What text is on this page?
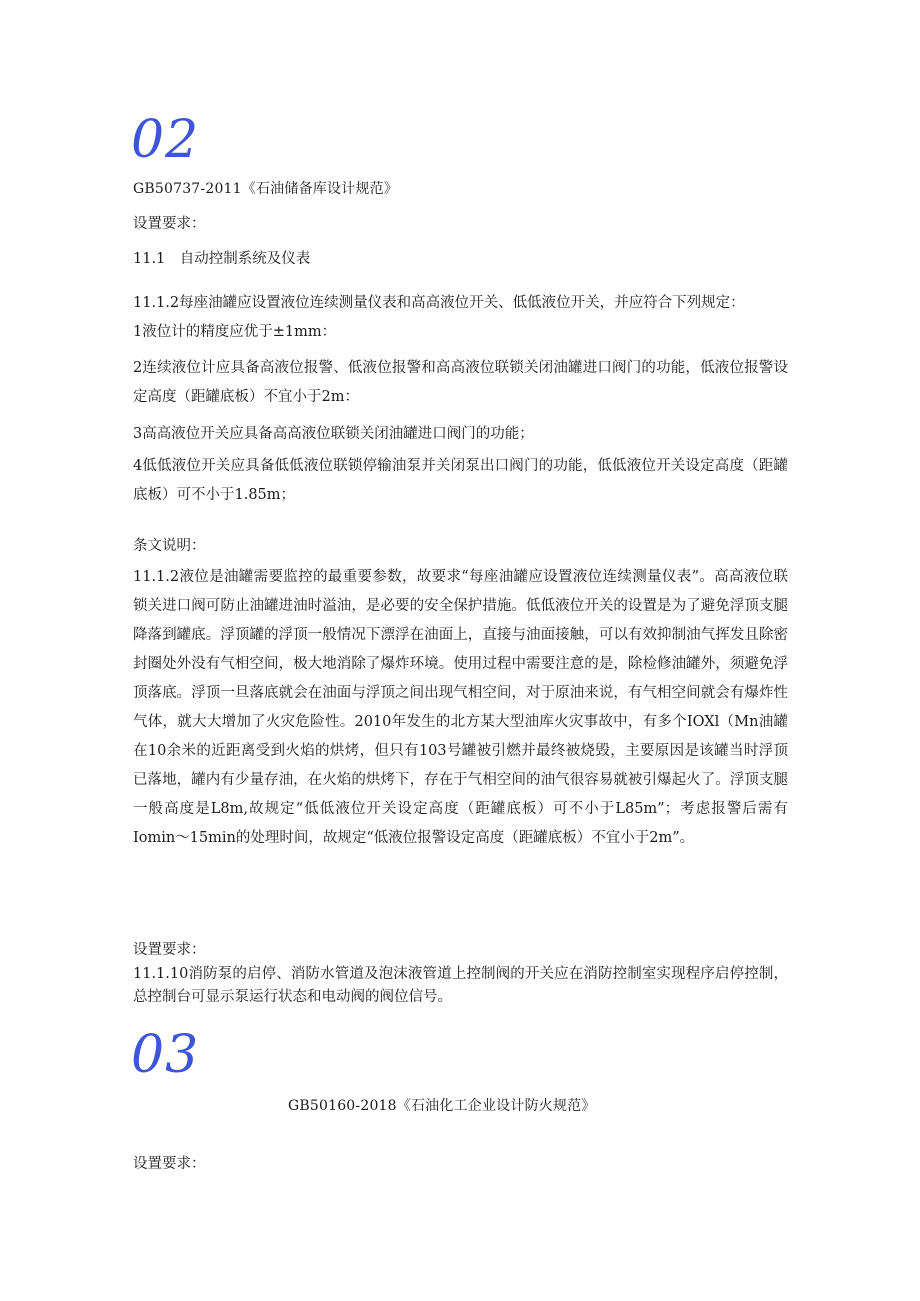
02
GB50737-2011《石油储备库设计规范》
设置要求：
11.1　自动控制系统及仪表
11.1.2每座油罐应设置液位连续测量仪表和高高液位开关、低低液位开关，并应符合下列规定：
1液位计的精度应优于±1mm：
2连续液位计应具备高液位报警、低液位报警和高高液位联锁关闭油罐进口阀门的功能，低液位报警设定高度（距罐底板）不宜小于2m：
3高高液位开关应具备高高液位联锁关闭油罐进口阀门的功能；
4低低液位开关应具备低低液位联锁停输油泵并关闭泵出口阀门的功能，低低液位开关设定高度（距罐底板）可不小于1.85m；
条文说明：
11.1.2液位是油罐需要监控的最重要参数，故要求“每座油罐应设置液位连续测量仪表”。高高液位联锁关进口阀可防止油罐进油时溢油，是必要的安全保护措施。低低液位开关的设置是为了避免浮顶支腿降落到罐底。浮顶罐的浮顶一般情况下漂浮在油面上，直接与油面接触，可以有效抑制油气挥发且除密封圈处外没有气相空间，极大地消除了爆炸环境。使用过程中需要注意的是，除检修油罐外，须避免浮顶落底。浮顶一旦落底就会在油面与浮顶之间出现气相空间，对于原油来说，有气相空间就会有爆炸性气体，就大大增加了火灾危险性。2010年发生的北方某大型油库火灾事故中，有多个IOXl（Mn油罐在10余米的近距离受到火焰的烘烤，但只有103号罐被引燃并最终被烧毁，主要原因是该罐当时浮顶已落地，罐内有少量存油，在火焰的烘烤下，存在于气相空间的油气很容易就被引爆起火了。浮顶支腿一般高度是L8m,故规定“低低液位开关设定高度（距罐底板）可不小于L85m”；考虑报警后需有Iomin～15min的处理时间，故规定“低液位报警设定高度（距罐底板）不宜小于2m”。
设置要求：
11.1.10消防泵的启停、消防水管道及泡沫液管道上控制阀的开关应在消防控制室实现程序启停控制，总控制台可显示泵运行状态和电动阀的阀位信号。
03
GB50160-2018《石油化工企业设计防火规范》
设置要求：
